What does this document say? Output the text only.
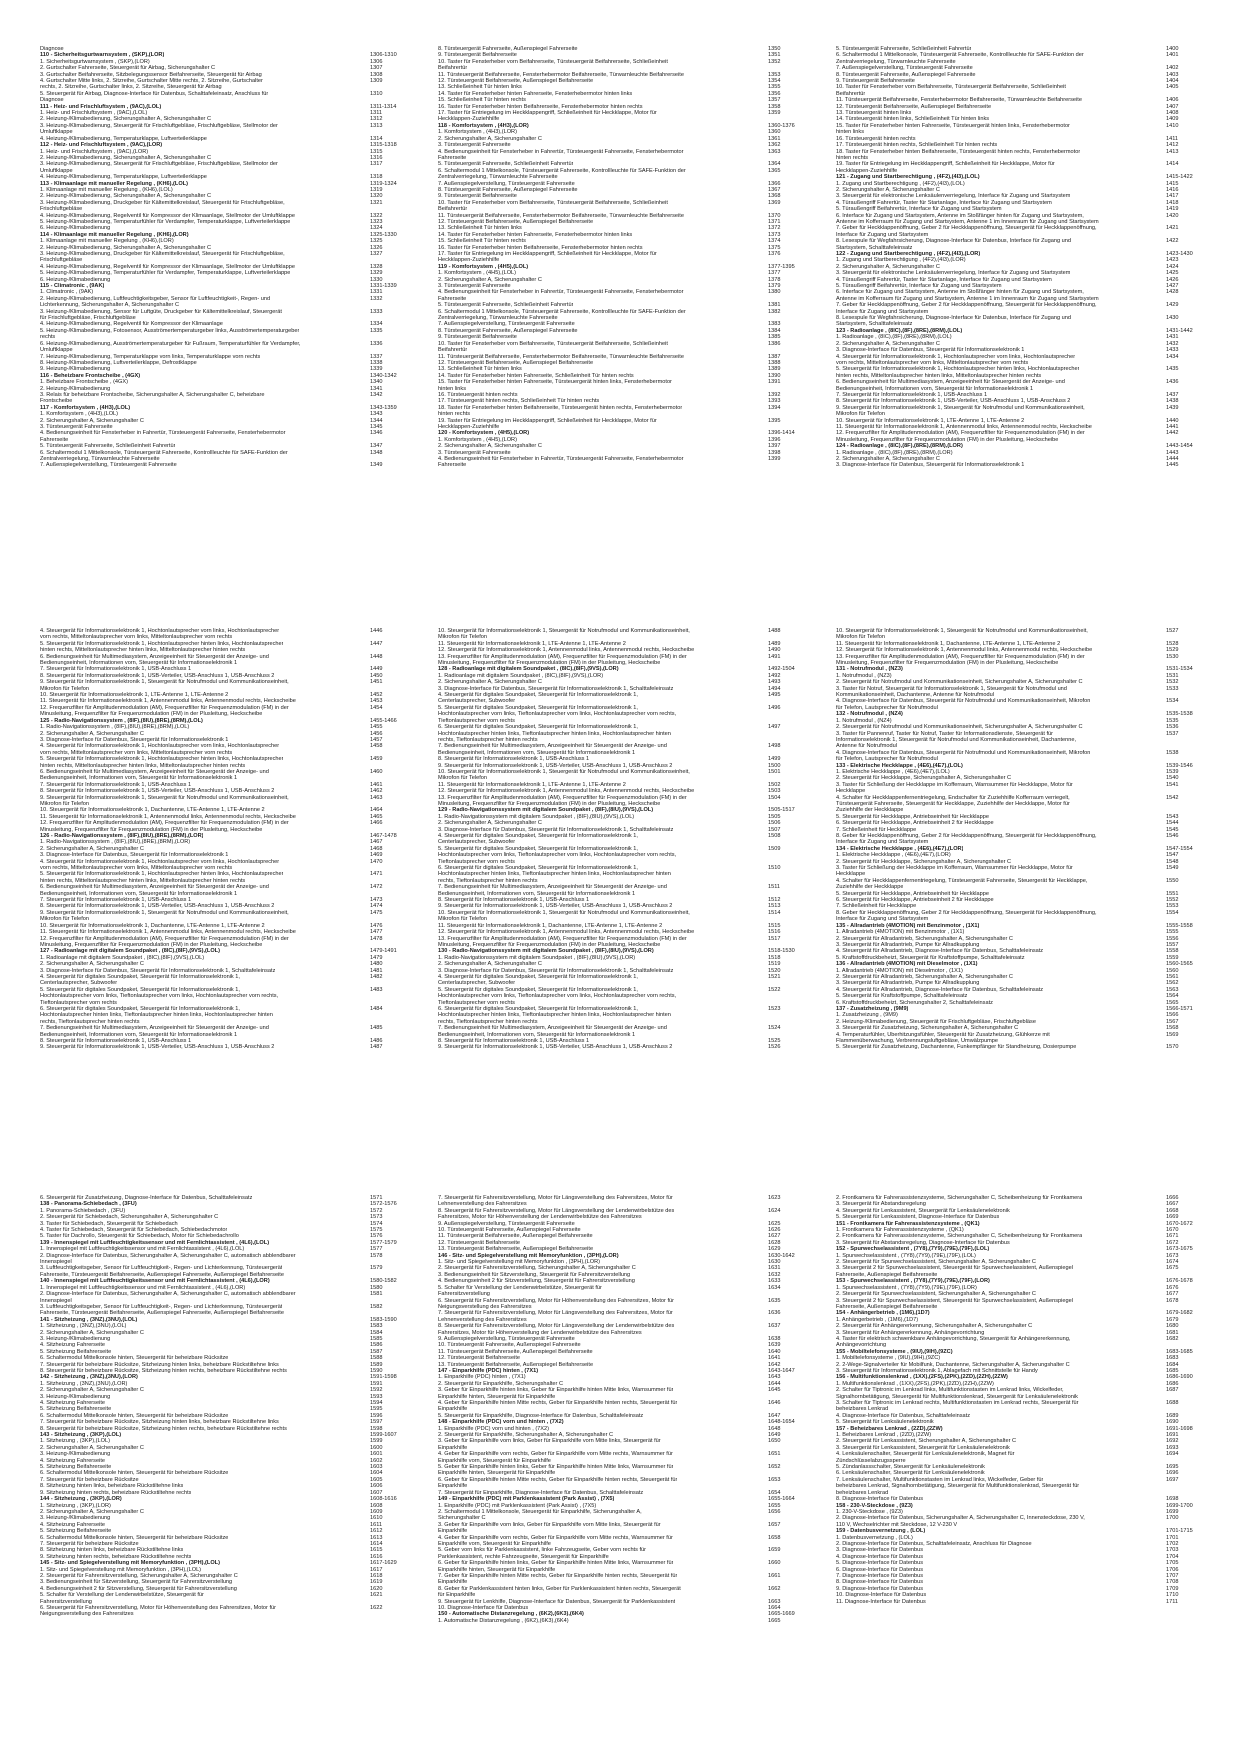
Diagnose
110 - Sicherheitsgurtwarnsystem , (SKP),(LOR)	1306-1310
1. Sicherheitsgurtwarnsystem , (SKP),(LOR)	1306
2. Gurtschalter Fahrerseite, Steuergerät für Airbag, Sicherungshalter C	1307
3. Gurtschalter Beifahrerseite, Sitzbelegungssensor Beifahrerseite, Steuergerät für Airbag	1308
4. Gurtschalter Mitte links, 2. Sitzreihe, Gurtschalter Mitte rechts, 2. Sitzreihe, Gurtschalter	1309
rechts, 2. Sitzreihe, Gurtschalter links, 2. Sitzreihe, Steuergerät für Airbag
5. Steuergerät für Airbag, Diagnose-Interface für Datenbus, Schalttafeleinsatz, Anschluss für	1310
Diagnose
111 - Heiz- und Frischluftsystem , (9AC),(LOL)	1311-1314
1. Heiz- und Frischluftsystem , (9AC),(LOL)	1311
2. Heizung-/Klimabedienung, Sicherungshalter A, Sicherungshalter C	1312
3. Heizung-/Klimabedienung, Steuergerät für Frischluftgebläse, Frischluftgebläse, Stellmotor der	1313
Umluftklappe
4. Heizung-/Klimabedienung, Temperaturklappe, Luftverteilerklappe	1314
112 - Heiz- und Frischluftsystem , (9AC),(LOR)	1315-1318
1. Heiz- und Frischluftsystem , (9AC),(LOR)	1315
2. Heizung-/Klimabedienung, Sicherungshalter A, Sicherungshalter C	1316
3. Heizung-/Klimabedienung, Steuergerät für Frischluftgebläse, Frischluftgebläse, Stellmotor der	1317
Umluftklappe
4. Heizung-/Klimabedienung, Temperaturklappe, Luftverteilerklappe	1318
113 - Klimaanlage mit manueller Regelung , (KH6),(LOL)	1319-1324
1. Klimaanlage mit manueller Regelung , (KH6),(LOL)	1319
2. Heizung-/Klimabedienung, Sicherungshalter A, Sicherungshalter C	1320
3. Heizung-/Klimabedienung, Druckgeber für Kältemittelkreislauf, Steuergerät für Frischluftgebläse,	1321
Frischluftgebläse
4. Heizung-/Klimabedienung, Regelventil für Kompressor der Klimaanlage, Stellmotor der Umluftklappe	1322
5. Heizung-/Klimabedienung, Temperaturfühler für Verdampfer, Temperaturklappe, Luftverteilerklappe	1323
6. Heizung-/Klimabedienung	1324
114 - Klimaanlage mit manueller Regelung , (KH6),(LOR)	1325-1330
1. Klimaanlage mit manueller Regelung , (KH6),(LOR)	1325
2. Heizung-/Klimabedienung, Sicherungshalter A, Sicherungshalter C	1326
3. Heizung-/Klimabedienung, Druckgeber für Kältemittelkreislauf, Steuergerät für Frischluftgebläse,	1327
Frischluftgebläse
4. Heizung-/Klimabedienung, Regelventil für Kompressor der Klimaanlage, Stellmotor der Umluftklappe	1328
5. Heizung-/Klimabedienung, Temperaturfühler für Verdampfer, Temperaturklappe, Luftverteilerklappe	1329
6. Heizung-/Klimabedienung	1330
115 - Climatronic , (9AK)	1331-1339
1. Climatronic , (9AK)	1331
2. Heizung-/Klimabedienung, Luftfeuchtigkeitsgeber, Sensor für Luftfeuchtigkeit-, Regen- und	1332
Lichterkennung, Sicherungshalter A, Sicherungshalter C
3. Heizung-/Klimabedienung, Sensor für Luftgüte, Druckgeber für Kältemittelkreislauf, Steuergerät	1333
für Frischluftgebläse, Frischluftgebläse
4. Heizung-/Klimabedienung, Regelventil für Kompressor der Klimaanlage	1334
5. Heizung-/Klimabedienung, Fotosensor, Ausströmertemperaturgeber links, Ausströmertemperaturgeber	1335
rechts
6. Heizung-/Klimabedienung, Ausströmertemperaturgeber für Fußraum, Temperaturfühler für Verdampfer,	1336
Umluftklappe
7. Heizung-/Klimabedienung, Temperaturklappe vorn links, Temperaturklappe vorn rechts	1337
8. Heizung-/Klimabedienung, Luftverteilerklappe, Defrostklappe	1338
9. Heizung-/Klimabedienung	1339
116 - Beheizbare Frontscheibe , (4GX)	1340-1342
1. Beheizbare Frontscheibe , (4GX)	1340
2. Heizung-/Klimabedienung	1341
3. Relais für beheizbare Frontscheibe, Sicherungshalter A, Sicherungshalter C, beheizbare	1342
Frontscheibe
117 - Komfortsystem , (4H3),(LOL)	1343-1359
1. Komfortsystem , (4H3),(LOL)	1343
2. Sicherungshalter A, Sicherungshalter C	1344
3. Türsteuergerät Fahrerseite	1345
4. Bedienungseinheit für Fensterheber in Fahrertür, Türsteuergerät Fahrerseite, Fensterhebermotor	1346
Fahrerseite
5. Türsteuergerät Fahrerseite, Schließeinheit Fahrertür	1347
6. Schaltermodul 1 Mittelkonsole, Türsteuergerät Fahrerseite, Kontrollleuchte für SAFE-Funktion der	1348
Zentralverriegelung, Türwarnleuchte Fahrerseite
7. Außenspiegelverstellung, Türsteuergerät Fahrerseite	1349
8. Türsteuergerät Fahrerseite, Außenspiegel Fahrerseite	1350
9. Türsteuergerät Beifahrerseite	1351
10. Taster für Fensterheber vorn Beifahrerseite, Türsteuergerät Beifahrerseite, Schließeinheit	1352
Beifahrertür
11. Türsteuergerät Beifahrerseite, Fensterhebermotor Beifahrerseite, Türwarnleuchte Beifahrerseite	1353
12. Türsteuergerät Beifahrerseite, Außenspiegel Beifahrerseite	1354
13. Schließeinheit Tür hinten links	1355
14. Taster für Fensterheber hinten Fahrerseite, Fensterhebermotor hinten links	1356
15. Schließeinheit Tür hinten rechts	1357
16. Taster für Fensterheber hinten Beifahrerseite, Fensterhebermotor hinten rechts	1358
17. Taster für Entriegelung im Heckklappengriff, Schließeinheit für Heckklappe, Motor für	1359
Heckklappen-Zuziehhilfe
118 - Komfortsystem , (4H3),(LOR)	1360-1376
1. Komfortsystem , (4H3),(LOR)	1360
2. Sicherungshalter A, Sicherungshalter C	1361
3. Türsteuergerät Fahrerseite	1362
4. Bedienungseinheit für Fensterheber in Fahrertür, Türsteuergerät Fahrerseite, Fensterhebermotor	1363
Fahrerseite
5. Türsteuergerät Fahrerseite, Schließeinheit Fahrertür	1364
6. Schaltermodul 1 Mittelkonsole, Türsteuergerät Fahrerseite, Kontrollleuchte für SAFE-Funktion der	1365
Zentralverriegelung, Türwarnleuchte Fahrerseite
7. Außenspiegelverstellung, Türsteuergerät Fahrerseite	1366
8. Türsteuergerät Fahrerseite, Außenspiegel Fahrerseite	1367
9. Türsteuergerät Beifahrerseite	1368
10. Taster für Fensterheber vorn Beifahrerseite, Türsteuergerät Beifahrerseite, Schließeinheit	1369
Beifahrertür
11. Türsteuergerät Beifahrerseite, Fensterhebermotor Beifahrerseite, Türwarnleuchte Beifahrerseite	1370
12. Türsteuergerät Beifahrerseite, Außenspiegel Beifahrerseite	1371
13. Schließeinheit Tür hinten links	1372
14. Taster für Fensterheber hinten Fahrerseite, Fensterhebermotor hinten links	1373
15. Schließeinheit Tür hinten rechts	1374
16. Taster für Fensterheber hinten Beifahrerseite, Fensterhebermotor hinten rechts	1375
17. Taster für Entriegelung im Heckklappengriff, Schließeinheit für Heckklappe, Motor für	1376
Heckklappen-Zuziehhilfe
119 - Komfortsystem , (4H5),(LOL)	1377-1395
1. Komfortsystem , (4H5),(LOL)	1377
2. Sicherungshalter A, Sicherungshalter C	1378
3. Türsteuergerät Fahrerseite	1379
4. Bedienungseinheit für Fensterheber in Fahrertür, Türsteuergerät Fahrerseite, Fensterhebermotor	1380
Fahrerseite
5. Türsteuergerät Fahrerseite, Schließeinheit Fahrertür	1381
6. Schaltermodul 1 Mittelkonsole, Türsteuergerät Fahrerseite, Kontrollleuchte für SAFE-Funktion der	1382
Zentralverriegelung, Türwarnleuchte Fahrerseite
7. Außenspiegelverstellung, Türsteuergerät Fahrerseite	1383
8. Türsteuergerät Fahrerseite, Außenspiegel Fahrerseite	1384
9. Türsteuergerät Beifahrerseite	1385
10. Taster für Fensterheber vorn Beifahrerseite, Türsteuergerät Beifahrerseite, Schließeinheit	1386
Beifahrertür
11. Türsteuergerät Beifahrerseite, Fensterhebermotor Beifahrerseite, Türwarnleuchte Beifahrerseite	1387
12. Türsteuergerät Beifahrerseite, Außenspiegel Beifahrerseite	1388
13. Schließeinheit Tür hinten links	1389
14. Taster für Fensterheber hinten Fahrerseite, Schließeinheit Tür hinten rechts	1390
15. Taster für Fensterheber hinten Fahrerseite, Türsteuergerät hinten links, Fensterhebermotor	1391
hinten links
16. Türsteuergerät hinten rechts	1392
17. Türsteuergerät hinten rechts, Schließeinheit Tür hinten rechts	1393
18. Taster für Fensterheber hinten Beifahrerseite, Türsteuergerät hinten rechts, Fensterhebermotor	1394
hinten rechts
19. Taster für Entriegelung im Heckklappengriff, Schließeinheit für Heckklappe, Motor für	1395
Heckklappen-Zuziehhilfe
120 - Komfortsystem , (4H5),(LOR)	1396-1414
1. Komfortsystem , (4H5),(LOR)	1396
2. Sicherungshalter A, Sicherungshalter C	1397
3. Türsteuergerät Fahrerseite	1398
4. Bedienungseinheit für Fensterheber in Fahrertür, Türsteuergerät Fahrerseite, Fensterhebermotor	1399
Fahrerseite
5. Türsteuergerät Fahrerseite, Schließeinheit Fahrertür	1400
6. Schaltermodul 1 Mittelkonsole, Türsteuergerät Fahrerseite, Kontrollleuchte für SAFE-Funktion der	1401
Zentralverriegelung, Türwarnleuchte Fahrerseite
7. Außenspiegelverstellung, Türsteuergerät Fahrerseite	1402
8. Türsteuergerät Fahrerseite, Außenspiegel Fahrerseite	1403
9. Türsteuergerät Beifahrerseite	1404
10. Taster für Fensterheber vorn Beifahrerseite, Türsteuergerät Beifahrerseite, Schließeinheit	1405
Beifahrertür
11. Türsteuergerät Beifahrerseite, Fensterhebermotor Beifahrerseite, Türwarnleuchte Beifahrerseite	1406
12. Türsteuergerät Beifahrerseite, Außenspiegel Beifahrerseite	1407
13. Türsteuergerät hinten links	1408
14. Türsteuergerät hinten links, Schließeinheit Tür hinten links	1409
15. Taster für Fensterheber hinten Fahrerseite, Türsteuergerät hinten links, Fensterhebermotor	1410
hinten links
16. Türsteuergerät hinten rechts	1411
17. Türsteuergerät hinten rechts, Schließeinheit Tür hinten rechts	1412
18. Taster für Fensterheber hinten Beifahrerseite, Türsteuergerät hinten rechts, Fensterhebermotor	1413
hinten rechts
19. Taster für Entriegelung im Heckklappengriff, Schließeinheit für Heckklappe, Motor für	1414
Heckklappen-Zuziehhilfe
121 - Zugang und Startberechtigung , (4F2),(4I3),(LOL)	1415-1422
1. Zugang und Startberechtigung , (4F2),(4I3),(LOL)	1415
2. Sicherungshalter A, Sicherungshalter C	1416
3. Steuergerät für elektronische Lenksäulenverriegelung, Interface für Zugang und Startsystem	1417
4. Türaußengriff Fahrertür, Taster für Startanlage, Interface für Zugang und Startsystem	1418
5. Türaußengriff Beifahrertür, Interface für Zugang und Startsystem	1419
6. Interface für Zugang und Startsystem, Antenne im Stoßfänger hinten für Zugang und Startsystem,	1420
Antenne im Kofferraum für Zugang und Startsystem, Antenne 1 im Innenraum für Zugang und Startsystem
7. Geber für Heckklappenöffnung, Geber 2 für Heckklappenöffnung, Steuergerät für Heckklappenöffnung,	1421
Interface für Zugang und Startsystem
8. Lesespule für Wegfahrsicherung, Diagnose-Interface für Datenbus, Interface für Zugang und	1422
Startsystem, Schalttafeleinsatz
122 - Zugang und Startberechtigung , (4F2),(4I3),(LOR)	1423-1430
1. Zugang und Startberechtigung , (4F2),(4I3),(LOR)	1423
2. Sicherungshalter A, Sicherungshalter C	1424
3. Steuergerät für elektronische Lenksäulenverriegelung, Interface für Zugang und Startsystem	1425
4. Türaußengriff Fahrertür, Taster für Startanlage, Interface für Zugang und Startsystem	1426
5. Türaußengriff Beifahrertür, Interface für Zugang und Startsystem	1427
6. Interface für Zugang und Startsystem, Antenne im Stoßfänger hinten für Zugang und Startsystem,	1428
Antenne im Kofferraum für Zugang und Startsystem, Antenne 1 im Innenraum für Zugang und Startsystem
7. Geber für Heckklappenöffnung, Geber 2 für Heckklappenöffnung, Steuergerät für Heckklappenöffnung,	1429
Interface für Zugang und Startsystem
8. Lesespule für Wegfahrsicherung, Diagnose-Interface für Datenbus, Interface für Zugang und	1430
Startsystem, Schalttafeleinsatz
123 - Radioanlage , (8IC),(8F),(8RE),(8RM),(LOL)	1431-1442
1. Radioanlage , (8IC),(8F),(8RE),(8RM),(LOL)	1431
2. Sicherungshalter A, Sicherungshalter C	1432
3. Diagnose-Interface für Datenbus, Steuergerät für Informationselektronik 1	1433
4. Steuergerät für Informationselektronik 1, Hochtonlautsprecher vorn links, Hochtonlautsprecher	1434
vorn rechts, Mitteltonlautsprecher vorn links, Mitteltonlautsprecher vorn rechts
5. Steuergerät für Informationselektronik 1, Hochtonlautsprecher hinten links, Hochtonlautsprecher	1435
hinten rechts, Mitteltonlautsprecher hinten links, Mitteltonlautsprecher hinten rechts
6. Bedienungseinheit für Multimediasystem, Anzeigeeinheit für Steuergerät der Anzeige- und	1436
Bedienungseinheit, Informationen vorn, Steuergerät für Informationselektronik 1
7. Steuergerät für Informationselektronik 1, USB-Anschluss 1	1437
8. Steuergerät für Informationselektronik 1, USB-Verteiler, USB-Anschluss 1, USB-Anschluss 2	1438
9. Steuergerät für Informationselektronik 1, Steuergerät für Notrufmodul und Kommunikationseinheit,	1439
Mikrofon für Telefon
10. Steuergerät für Informationselektronik 1, LTE-Antenne 1, LTE-Antenne 2	1440
11. Steuergerät für Informationselektronik 1, Antennenmodul links, Antennenmodul rechts, Heckscheibe	1441
12. Frequenzfilter für Amplitudenmodulation (AM), Frequenzfilter für Frequenzmodulation (FM) in der	1442
Minusleitung, Frequenzfilter für Frequenzmodulation (FM) in der Plusleitung, Heckscheibe
124 - Radioanlage , (8IC),(8F),(8RE),(8RM),(LOR)	1443-1454
1. Radioanlage , (8IC),(8F),(8RE),(8RM),(LOR)	1443
2. Sicherungshalter A, Sicherungshalter C	1444
3. Diagnose-Interface für Datenbus, Steuergerät für Informationselektronik 1	1445
4. Steuergerät für Informationselektronik 1, Hochtonlautsprecher vorn links, Hochtonlautsprecher	1446
vorn rechts, Mitteltonlautsprecher vorn links, Mitteltonlautsprecher vorn rechts
5. Steuergerät für Informationselektronik 1, Hochtonlautsprecher hinten links, Hochtonlautsprecher	1447
hinten rechts, Mitteltonlautsprecher hinten links, Mitteltonlautsprecher hinten rechts
6. Bedienungseinheit für Multimediasystem, Anzeigeeinheit für Steuergerät der Anzeige- und	1448
Bedienungseinheit, Informationen vorn, Steuergerät für Informationselektronik 1
7. Steuergerät für Informationselektronik 1, USB-Anschluss 1	1449
8. Steuergerät für Informationselektronik 1, USB-Verteiler, USB-Anschluss 1, USB-Anschluss 2	1450
9. Steuergerät für Informationselektronik 1, Steuergerät für Notrufmodul und Kommunikationseinheit,	1451
Mikrofon für Telefon
10. Steuergerät für Informationselektronik 1, LTE-Antenne 1, LTE-Antenne 2	1452
11. Steuergerät für Informationselektronik 1, Antennenmodul links, Antennenmodul rechts, Heckscheibe	1453
12. Frequenzfilter für Amplitudenmodulation (AM), Frequenzfilter für Frequenzmodulation (FM) in der	1454
Minusleitung, Frequenzfilter für Frequenzmodulation (FM) in der Plusleitung, Heckscheibe
125 - Radio-Navigationssystem , (8IF),(8IU),(8RE),(8RM),(LOL)	1455-1466
1. Radio-Navigationssystem , (8IF),(8IU),(8RE),(8RM),(LOL)	1455
2. Sicherungshalter A, Sicherungshalter C	1456
3. Diagnose-Interface für Datenbus, Steuergerät für Informationselektronik 1	1457
4. Steuergerät für Informationselektronik 1, Hochtonlautsprecher vorn links, Hochtonlautsprecher	1458
vorn rechts, Mitteltonlautsprecher vorn links, Mitteltonlautsprecher vorn rechts
5. Steuergerät für Informationselektronik 1, Hochtonlautsprecher hinten links, Hochtonlautsprecher	1459
hinten rechts, Mitteltonlautsprecher hinten links, Mitteltonlautsprecher hinten rechts
6. Bedienungseinheit für Multimediasystem, Anzeigeeinheit für Steuergerät der Anzeige- und	1460
Bedienungseinheit, Informationen vorn, Steuergerät für Informationselektronik 1
7. Steuergerät für Informationselektronik 1, USB-Anschluss 1	1461
8. Steuergerät für Informationselektronik 1, USB-Verteiler, USB-Anschluss 1, USB-Anschluss 2	1462
9. Steuergerät für Informationselektronik 1, Steuergerät für Notrufmodul und Kommunikationseinheit,	1463
Mikrofon für Telefon
10. Steuergerät für Informationselektronik 1, Dachantenne, LTE-Antenne 1, LTE-Antenne 2	1464
11. Steuergerät für Informationselektronik 1, Antennenmodul links, Antennenmodul rechts, Heckscheibe	1465
12. Frequenzfilter für Amplitudenmodulation (AM), Frequenzfilter für Frequenzmodulation (FM) in der	1466
Minusleitung, Frequenzfilter für Frequenzmodulation (FM) in der Plusleitung, Heckscheibe
126 - Radio-Navigationssystem , (8IF),(8IU),(8RE),(8RM),(LOR)	1467-1478
1. Radio-Navigationssystem , (8IF),(8IU),(8RE),(8RM),(LOR)	1467
2. Sicherungshalter A, Sicherungshalter C	1468
3. Diagnose-Interface für Datenbus, Steuergerät für Informationselektronik 1	1469
4. Steuergerät für Informationselektronik 1, Hochtonlautsprecher vorn links, Hochtonlautsprecher	1470
vorn rechts, Mitteltonlautsprecher vorn links, Mitteltonlautsprecher vorn rechts
5. Steuergerät für Informationselektronik 1, Hochtonlautsprecher hinten links, Hochtonlautsprecher	1471
hinten rechts, Mitteltonlautsprecher hinten links, Mitteltonlautsprecher hinten rechts
6. Bedienungseinheit für Multimediasystem, Anzeigeeinheit für Steuergerät der Anzeige- und	1472
Bedienungseinheit, Informationen vorn, Steuergerät für Informationselektronik 1
7. Steuergerät für Informationselektronik 1, USB-Anschluss 1	1473
8. Steuergerät für Informationselektronik 1, USB-Verteiler, USB-Anschluss 1, USB-Anschluss 2	1474
9. Steuergerät für Informationselektronik 1, Steuergerät für Notrufmodul und Kommunikationseinheit,	1475
Mikrofon für Telefon
10. Steuergerät für Informationselektronik 1, Dachantenne, LTE-Antenne 1, LTE-Antenne 2	1476
11. Steuergerät für Informationselektronik 1, Antennenmodul links, Antennenmodul rechts, Heckscheibe	1477
12. Frequenzfilter für Amplitudenmodulation (AM), Frequenzfilter für Frequenzmodulation (FM) in der	1478
Minusleitung, Frequenzfilter für Frequenzmodulation (FM) in der Plusleitung, Heckscheibe
127 - Radioanlage mit digitalem Soundpaket , (8IC),(8IF),(9VS),(LOL)	1479-1491
1. Radioanlage mit digitalem Soundpaket , (8IC),(8IF),(9VS),(LOL)	1479
2. Sicherungshalter A, Sicherungshalter C	1480
3. Diagnose-Interface für Datenbus, Steuergerät für Informationselektronik 1, Schalttafeleinsatz	1481
4. Steuergerät für digitales Soundpaket, Steuergerät für Informationselektronik 1,	1482
Centerlautsprecher, Subwoofer
5. Steuergerät für digitales Soundpaket, Steuergerät für Informationselektronik 1,	1483
Hochtonlautsprecher vorn links, Tieftonlautsprecher vorn links, Hochtonlautsprecher vorn rechts,
Tieftonlautsprecher vorn rechts
6. Steuergerät für digitales Soundpaket, Steuergerät für Informationselektronik 1,	1484
Hochtonlautsprecher hinten links, Tieftonlautsprecher hinten links, Hochtonlautsprecher hinten
rechts, Tieftonlautsprecher hinten rechts
7. Bedienungseinheit für Multimediasystem, Anzeigeeinheit für Steuergerät der Anzeige- und	1485
Bedienungseinheit, Informationen vorn, Steuergerät für Informationselektronik 1
8. Steuergerät für Informationselektronik 1, USB-Anschluss 1	1486
9. Steuergerät für Informationselektronik 1, USB-Verteiler, USB-Anschluss 1, USB-Anschluss 2	1487
10. Steuergerät für Informationselektronik 1, Steuergerät für Notrufmodul und Kommunikationseinheit,	1488
Mikrofon für Telefon
11. Steuergerät für Informationselektronik 1, LTE-Antenne 1, LTE-Antenne 2	1489
12. Steuergerät für Informationselektronik 1, Antennenmodul links, Antennenmodul rechts, Heckscheibe	1490
13. Frequenzfilter für Amplitudenmodulation (AM), Frequenzfilter für Frequenzmodulation (FM) in der	1491
Minusleitung, Frequenzfilter für Frequenzmodulation (FM) in der Plusleitung, Heckscheibe
128 - Radioanlage mit digitalem Soundpaket , (8IC),(8IF),(9VS),(LOR)	1492-1504
1. Radioanlage mit digitalem Soundpaket , (8IC),(8IF),(9VS),(LOR)	1492
2. Sicherungshalter A, Sicherungshalter C	1493
3. Diagnose-Interface für Datenbus, Steuergerät für Informationselektronik 1, Schalttafeleinsatz	1494
4. Steuergerät für digitales Soundpaket, Steuergerät für Informationselektronik 1,	1495
Centerlautsprecher, Subwoofer
5. Steuergerät für digitales Soundpaket, Steuergerät für Informationselektronik 1,	1496
Hochtonlautsprecher vorn links, Tieftonlautsprecher vorn links, Hochtonlautsprecher vorn rechts,
Tieftonlautsprecher vorn rechts
6. Steuergerät für digitales Soundpaket, Steuergerät für Informationselektronik 1,	1497
Hochtonlautsprecher hinten links, Tieftonlautsprecher hinten links, Hochtonlautsprecher hinten
rechts, Tieftonlautsprecher hinten rechts
7. Bedienungseinheit für Multimediasystem, Anzeigeeinheit für Steuergerät der Anzeige- und	1498
Bedienungseinheit, Informationen vorn, Steuergerät für Informationselektronik 1
8. Steuergerät für Informationselektronik 1, USB-Anschluss 1	1499
9. Steuergerät für Informationselektronik 1, USB-Verteiler, USB-Anschluss 1, USB-Anschluss 2	1500
10. Steuergerät für Informationselektronik 1, Steuergerät für Notrufmodul und Kommunikationseinheit,	1501
Mikrofon für Telefon
11. Steuergerät für Informationselektronik 1, LTE-Antenne 1, LTE-Antenne 2	1502
12. Steuergerät für Informationselektronik 1, Antennenmodul links, Antennenmodul rechts, Heckscheibe	1503
13. Frequenzfilter für Amplitudenmodulation (AM), Frequenzfilter für Frequenzmodulation (FM) in der	1504
Minusleitung, Frequenzfilter für Frequenzmodulation (FM) in der Plusleitung, Heckscheibe
129 - Radio-Navigationssystem mit digitalem Soundpaket , (8IF),(8IU),(9VS),(LOL)	1505-1517
1. Radio-Navigationssystem mit digitalem Soundpaket , (8IF),(8IU),(9VS),(LOL)	1505
2. Sicherungshalter A, Sicherungshalter C	1506
3. Diagnose-Interface für Datenbus, Steuergerät für Informationselektronik 1, Schalttafeleinsatz	1507
4. Steuergerät für digitales Soundpaket, Steuergerät für Informationselektronik 1,	1508
Centerlautsprecher, Subwoofer
5. Steuergerät für digitales Soundpaket, Steuergerät für Informationselektronik 1,	1509
Hochtonlautsprecher vorn links, Tieftonlautsprecher vorn links, Hochtonlautsprecher vorn rechts,
Tieftonlautsprecher vorn rechts
6. Steuergerät für digitales Soundpaket, Steuergerät für Informationselektronik 1,	1510
Hochtonlautsprecher hinten links, Tieftonlautsprecher hinten links, Hochtonlautsprecher hinten
rechts, Tieftonlautsprecher hinten rechts
7. Bedienungseinheit für Multimediasystem, Anzeigeeinheit für Steuergerät der Anzeige- und	1511
Bedienungseinheit, Informationen vorn, Steuergerät für Informationselektronik 1
8. Steuergerät für Informationselektronik 1, USB-Anschluss 1	1512
9. Steuergerät für Informationselektronik 1, USB-Verteiler, USB-Anschluss 1, USB-Anschluss 2	1513
10. Steuergerät für Informationselektronik 1, Steuergerät für Notrufmodul und Kommunikationseinheit,	1514
Mikrofon für Telefon
11. Steuergerät für Informationselektronik 1, Dachantenne, LTE-Antenne 1, LTE-Antenne 2	1515
12. Steuergerät für Informationselektronik 1, Antennenmodul links, Antennenmodul rechts, Heckscheibe	1516
13. Frequenzfilter für Amplitudenmodulation (AM), Frequenzfilter für Frequenzmodulation (FM) in der	1517
Minusleitung, Frequenzfilter für Frequenzmodulation (FM) in der Plusleitung, Heckscheibe
130 - Radio-Navigationssystem mit digitalem Soundpaket , (8IF),(8IU),(9VS),(LOR)	1518-1530
1. Radio-Navigationssystem mit digitalem Soundpaket , (8IF),(8IU),(9VS),(LOR)	1518
2. Sicherungshalter A, Sicherungshalter C	1519
3. Diagnose-Interface für Datenbus, Steuergerät für Informationselektronik 1, Schalttafeleinsatz	1520
4. Steuergerät für digitales Soundpaket, Steuergerät für Informationselektronik 1,	1521
Centerlautsprecher, Subwoofer
5. Steuergerät für digitales Soundpaket, Steuergerät für Informationselektronik 1,	1522
Hochtonlautsprecher vorn links, Tieftonlautsprecher vorn links, Hochtonlautsprecher vorn rechts,
Tieftonlautsprecher vorn rechts
6. Steuergerät für digitales Soundpaket, Steuergerät für Informationselektronik 1,	1523
Hochtonlautsprecher hinten links, Tieftonlautsprecher hinten links, Hochtonlautsprecher hinten
rechts, Tieftonlautsprecher hinten rechts
7. Bedienungseinheit für Multimediasystem, Anzeigeeinheit für Steuergerät der Anzeige- und	1524
Bedienungseinheit, Informationen vorn, Steuergerät für Informationselektronik 1
8. Steuergerät für Informationselektronik 1, USB-Anschluss 1	1525
9. Steuergerät für Informationselektronik 1, USB-Verteiler, USB-Anschluss 1, USB-Anschluss 2	1526
10. Steuergerät für Informationselektronik 1, Steuergerät für Notrufmodul und Kommunikationseinheit,	1527
Mikrofon für Telefon
11. Steuergerät für Informationselektronik 1, Dachantenne, LTE-Antenne 1, LTE-Antenne 2	1528
12. Steuergerät für Informationselektronik 1, Antennenmodul links, Antennenmodul rechts, Heckscheibe	1529
13. Frequenzfilter für Amplitudenmodulation (AM), Frequenzfilter für Frequenzmodulation (FM) in der	1530
Minusleitung, Frequenzfilter für Frequenzmodulation (FM) in der Plusleitung, Heckscheibe
131 - Notrufmodul , (NZ3)	1531-1534
1. Notrufmodul , (NZ3)	1531
2. Steuergerät für Notrufmodul und Kommunikationseinheit, Sicherungshalter A, Sicherungshalter C	1532
3. Taster für Notruf, Steuergerät für Informationselektronik 1, Steuergerät für Notrufmodul und	1533
Kommunikationseinheit, Dachantenne, Antenne für Notrufmodul
4. Diagnose-Interface für Datenbus, Steuergerät für Notrufmodul und Kommunikationseinheit, Mikrofon	1534
für Telefon, Lautsprecher für Notrufmodul
132 - Notrufmodul , (NZ4)	1535-1538
1. Notrufmodul , (NZ4)	1535
2. Steuergerät für Notrufmodul und Kommunikationseinheit, Sicherungshalter A, Sicherungshalter C	1536
3. Taster für Pannenruf, Taster für Notruf, Taster für Informationsdienste, Steuergerät für	1537
Informationselektronik 1, Steuergerät für Notrufmodul und Kommunikationseinheit, Dachantenne,
Antenne für Notrufmodul
4. Diagnose-Interface für Datenbus, Steuergerät für Notrufmodul und Kommunikationseinheit, Mikrofon	1538
für Telefon, Lautsprecher für Notrufmodul
133 - Elektrische Heckklappe , (4E6),(4E7),(LOL)	1539-1546
1. Elektrische Heckklappe , (4E6),(4E7),(LOL)	1539
2. Steuergerät für Heckklappe, Sicherungshalter A, Sicherungshalter C	1540
3. Taster für Schließung der Heckklappe im Kofferraum, Warnsummer für Heckklappe, Motor für	1541
Heckklappe
4. Schalter für Heckklappenfernentriegelung, Endschalter für Zuziehhilfe Kofferraum verriegelt,	1542
Türsteuergerät Fahrerseite, Steuergerät für Heckklappe, Zuziehhilfe der Heckklappe, Motor für
Zuziehhilfe der Heckklappe
5. Steuergerät für Heckklappe, Antriebseinheit für Heckklappe	1543
6. Steuergerät für Heckklappe, Antriebseinheit 2 für Heckklappe	1544
7. Schließeinheit für Heckklappe	1545
8. Geber für Heckklappenöffnung, Geber 2 für Heckklappenöffnung, Steuergerät für Heckklappenöffnung,	1546
Interface für Zugang und Startsystem
134 - Elektrische Heckklappe , (4E6),(4E7),(LOR)	1547-1554
1. Elektrische Heckklappe , (4E6),(4E7),(LOR)	1547
2. Steuergerät für Heckklappe, Sicherungshalter A, Sicherungshalter C	1548
3. Taster für Schließung der Heckklappe im Kofferraum, Warnsummer für Heckklappe, Motor für	1549
Heckklappe
4. Schalter für Heckklappenfernentriegelung, Türsteuergerät Fahrerseite, Steuergerät für Heckklappe,	1550
Zuziehhilfe der Heckklappe
5. Steuergerät für Heckklappe, Antriebseinheit für Heckklappe	1551
6. Steuergerät für Heckklappe, Antriebseinheit 2 für Heckklappe	1552
7. Schließeinheit für Heckklappe	1553
8. Geber für Heckklappenöffnung, Geber 2 für Heckklappenöffnung, Steuergerät für Heckklappenöffnung,	1554
Interface für Zugang und Startsystem
135 - Allradantrieb (4MOTION) mit Benzinmotor , (1X1)	1555-1558
1. Allradantrieb (4MOTION) mit Benzinmotor , (1X1)	1555
2. Steuergerät für Allradantrieb, Sicherungshalter A, Sicherungshalter C	1556
3. Steuergerät für Allradantrieb, Pumpe für Allradkupplung	1557
4. Steuergerät für Allradantrieb, Diagnose-Interface für Datenbus, Schalttafeleinsatz	1558
5. Kraftstoffdruckbeheizt, Steuergerät für Kraftstoffpumpe, Schalttafeleinsatz	1559
136 - Allradantrieb (4MOTION) mit Dieselmotor , (1X1)	1560-1565
1. Allradantrieb (4MOTION) mit Dieselmotor , (1X1)	1560
2. Steuergerät für Allradantrieb, Sicherungshalter A, Sicherungshalter C	1561
3. Steuergerät für Allradantrieb, Pumpe für Allradkupplung	1562
4. Steuergerät für Allradantrieb, Diagnose-Interface für Datenbus, Schalttafeleinsatz	1563
5. Steuergerät für Kraftstoffpumpe, Schalttafeleinsatz	1564
6. Kraftstoffdruckbeheizt, Sicherungshalter 2, Schalttafeleinsatz	1565
137 - Zusatzheizung , (9M9)	1566-1571
1. Zusatzheizung , (9M9)	1566
2. Heizung-/Klimabedienung, Steuergerät für Frischluftgebläse, Frischluftgebläse	1567
3. Steuergerät für Zusatzheizung, Sicherungshalter A, Sicherungshalter C	1568
4. Temperaturfühler, Überhitzungsfühler, Steuergerät für Zusatzheizung, Glühkerze mit	1569
Flammenüberwachung, Verbrennungsluftgebläse, Umwälzpumpe
5. Steuergerät für Zusatzheizung, Dachantenne, Funkempfänger für Standheizung, Dosierpumpe	1570
6. Steuergerät für Zusatzheizung, Diagnose-Interface für Datenbus, Schalttafeleinsatz	1571
138 - Panorama-Schiebedach , (3FU)	1572-1576
1. Panorama-Schiebedach , (3FU)	1572
2. Steuergerät für Schiebedach, Sicherungshalter A, Sicherungshalter C	1573
3. Taster für Schiebedach, Steuergerät für Schiebedach	1574
4. Taster für Schiebedach, Steuergerät für Schiebedach, Schiebedachmotor	1575
5. Taster für Dachrollo, Steuergerät für Schiebedach, Motor für Schiebedachrollo	1576
139 - Innenspiegel mit Luftfeuchtigkeitssensor und mit Fernlichtassistent , (4L6),(LOL)	1577-1579
1. Innenspiegel mit Luftfeuchtigkeitssensor und mit Fernlichtassistent , (4L6),(LOL)	1577
2. Diagnose-Interface für Datenbus, Sicherungshalter A, Sicherungshalter C, automatisch abblendbarer	1578
Innenspiegel
3. Luftfeuchtigkeitsgeber, Sensor für Luftfeuchtigkeit-, Regen- und Lichterkennung, Türsteuergerät	1579
Fahrerseite, Türsteuergerät Beifahrerseite, Außenspiegel Fahrerseite, Außenspiegel Beifahrerseite
140 - Innenspiegel mit Luftfeuchtigkeitssensor und mit Fernlichtassistent , (4L6),(LOR)	1580-1582
1. Innenspiegel mit Luftfeuchtigkeitssensor und mit Fernlichtassistent , (4L6),(LOR)	1580
2. Diagnose-Interface für Datenbus, Sicherungshalter A, Sicherungshalter C, automatisch abblendbarer	1581
Innenspiegel
3. Luftfeuchtigkeitsgeber, Sensor für Luftfeuchtigkeit-, Regen- und Lichterkennung, Türsteuergerät	1582
Fahrerseite, Türsteuergerät Beifahrerseite, Außenspiegel Fahrerseite, Außenspiegel Beifahrerseite
141 - Sitzheizung , (3NZ),(3NU),(LOL)	1583-1590
1. Sitzheizung , (3NZ),(3NU),(LOL)	1583
2. Sicherungshalter A, Sicherungshalter C	1584
3. Heizung-/Klimabedienung	1585
4. Sitzheizung Fahrerseite	1586
5. Sitzheizung Beifahrerseite	1587
6. Schaltermodul Mittelkonsole hinten, Steuergerät für beheizbare Rücksitze	1588
7. Steuergerät für beheizbare Rücksitze, Sitzheizung hinten links, beheizbare Rückstiltehne links	1589
8. Steuergerät für beheizbare Rücksitze, Sitzheizung hinten rechts, beheizbare Rückstiltehne rechts	1590
142 - Sitzheizung , (3NZ),(3NU),(LOR)	1591-1598
1. Sitzheizung , (3NZ),(3NU),(LOR)	1591
2. Sicherungshalter A, Sicherungshalter C	1592
3. Heizung-/Klimabedienung	1593
4. Sitzheizung Fahrerseite	1594
5. Sitzheizung Beifahrerseite	1595
6. Schaltermodul Mittelkonsole hinten, Steuergerät für beheizbare Rücksitze	1596
7. Steuergerät für beheizbare Rücksitze, Sitzheizung hinten links, beheizbare Rückstiltehne links	1597
8. Steuergerät für beheizbare Rücksitze, Sitzheizung hinten rechts, beheizbare Rückstiltehne rechts	1598
143 - Sitzheizung , (3KP),(LOL)	1599-1607
1. Sitzheizung , (3KP),(LOL)	1599
2. Sicherungshalter A, Sicherungshalter C	1600
3. Heizung-/Klimabedienung	1601
4. Sitzheizung Fahrerseite	1602
5. Sitzheizung Beifahrerseite	1603
6. Schaltermodul Mittelkonsole hinten, Steuergerät für beheizbare Rücksitze	1604
7. Steuergerät für beheizbare Rücksitze	1605
8. Sitzheizung hinten links, beheizbare Rückstiltehne links	1606
9. Sitzheizung hinten rechts, beheizbare Rückstiltehne rechts	1607
144 - Sitzheizung , (3KP),(LOR)	1608-1616
1. Sitzheizung , (3KP),(LOR)	1608
2. Sicherungshalter A, Sicherungshalter C	1609
3. Heizung-/Klimabedienung	1610
4. Sitzheizung Fahrerseite	1611
5. Sitzheizung Beifahrerseite	1612
6. Schaltermodul Mittelkonsole hinten, Steuergerät für beheizbare Rücksitze	1613
7. Steuergerät für beheizbare Rücksitze	1614
8. Sitzheizung hinten links, beheizbare Rückstiltehne links	1615
9. Sitzheizung hinten rechts, beheizbare Rückstiltehne rechts	1616
145 - Sitz- und Spiegelverstellung mit Memoryfunktion , (3PH),(LOL)	1617-1629
1. Sitz- und Spiegelverstellung mit Memoryfunktion , (3PH),(LOL)	1617
2. Steuergerät für Fahrersitzverstellung, Sicherungshalter A, Sicherungshalter C	1618
3. Bedienungseinheit für Sitzverstellung, Steuergerät für Fahrersitzverstellung	1619
4. Bedienungseinheit 2 für Sitzverstellung, Steuergerät für Fahrersitzverstellung	1620
5. Schalter für Verstellung der Lendenwirbelstütze, Steuergerät für	1621
Fahrersitzverstellung
6. Steuergerät für Fahrersitzverstellung, Motor für Höhenverstellung des Fahrersitzes, Motor für	1622
Neigungsverstellung des Fahrersitzes
7. Steuergerät für Fahrersitzverstellung, Motor für Längsverstellung des Fahrersitzes, Motor für	1623
Lehnenverstellung des Fahrersitzes
8. Steuergerät für Fahrersitzverstellung, Motor für Längsverstellung der Lendenwirbelstütze des	1624
Fahrersitzes, Motor für Höhenverstellung der Lendenwirbelstütze des Fahrersitzes
9. Außenspiegelverstellung, Türsteuergerät Fahrerseite	1625
10. Türsteuergerät Fahrerseite, Außenspiegel Fahrerseite	1626
11. Türsteuergerät Beifahrerseite, Außenspiegel Beifahrerseite	1627
12. Türsteuergerät Beifahrerseite	1628
13. Türsteuergerät Beifahrerseite, Außenspiegel Beifahrerseite	1629
146 - Sitz- und Spiegelverstellung mit Memoryfunktion , (3PH),(LOR)	1630-1642
1. Sitz- und Spiegelverstellung mit Memoryfunktion , (3PH),(LOR)	1630
2. Steuergerät für Fahrersitzverstellung, Sicherungshalter A, Sicherungshalter C	1631
3. Bedienungseinheit für Sitzverstellung, Steuergerät für Fahrersitzverstellung	1632
4. Bedienungseinheit 2 für Sitzverstellung, Steuergerät für Fahrersitzverstellung	1633
5. Schalter für Verstellung der Lendenwirbelstütze, Steuergerät für	1634
Fahrersitzverstellung
6. Steuergerät für Fahrersitzverstellung, Motor für Höhenverstellung des Fahrersitzes, Motor für	1635
Neigungsverstellung des Fahrersitzes
7. Steuergerät für Fahrersitzverstellung, Motor für Längsverstellung des Fahrersitzes, Motor für	1636
Lehnenverstellung des Fahrersitzes
8. Steuergerät für Fahrersitzverstellung, Motor für Längsverstellung der Lendenwirbelstütze des	1637
Fahrersitzes, Motor für Höhenverstellung der Lendenwirbelstütze des Fahrersitzes
9. Außenspiegelverstellung, Türsteuergerät Fahrerseite	1638
10. Türsteuergerät Fahrerseite, Außenspiegel Fahrerseite	1639
11. Türsteuergerät Beifahrerseite, Außenspiegel Beifahrerseite	1640
12. Türsteuergerät Beifahrerseite	1641
13. Türsteuergerät Beifahrerseite, Außenspiegel Beifahrerseite	1642
147 - Einparkhilfe (PDC) hinten , (7X1)	1643-1647
1. Einparkhilfe (PDC) hinten , (7X1)	1643
2. Steuergerät für Einparkhilfe, Sicherungshalter C	1644
3. Geber für Einparkhilfe hinten links, Geber für Einparkhilfe hinten Mitte links, Warnsummer für	1645
Einparkhilfe hinten, Steuergerät für Einparkhilfe
4. Geber für Einparkhilfe hinten Mitte rechts, Geber für Einparkhilfe hinten rechts, Steuergerät für	1646
Einparkhilfe
5. Steuergerät für Einparkhilfe, Diagnose-Interface für Datenbus, Schalttafeleinsatz	1647
148 - Einparkhilfe (PDC) vorn und hinten , (7X2)	1648-1654
1. Einparkhilfe (PDC) vorn und hinten , (7X2)	1648
2. Steuergerät für Einparkhilfe, Sicherungshalter A, Sicherungshalter C	1649
3. Geber für Einparkhilfe vorn links, Geber für Einparkhilfe vorn Mitte links, Steuergerät für	1650
Einparkhilfe
4. Geber für Einparkhilfe vorn rechts, Geber für Einparkhilfe vorn Mitte rechts, Warnsummer für	1651
Einparkhilfe vorn, Steuergerät für Einparkhilfe
5. Geber für Einparkhilfe hinten links, Geber für Einparkhilfe hinten Mitte links, Warnsummer für	1652
Einparkhilfe hinten, Steuergerät für Einparkhilfe
6. Geber für Einparkhilfe hinten Mitte rechts, Geber für Einparkhilfe hinten rechts, Steuergerät für	1653
Einparkhilfe
7. Steuergerät für Einparkhilfe, Diagnose-Interface für Datenbus, Schalttafeleinsatz	1654
149 - Einparkhilfe (PDC) mit Parklenkassistent (Park Assist) , (7X5)	1655-1664
1. Einparkhilfe (PDC) mit Parklenkassistent (Park Assist) , (7X5)	1655
2. Schaltermodul 1 Mittelkonsole, Steuergerät für Einparkhilfe, Sicherungshalter A,	1656
Sicherungshalter C
3. Geber für Einparkhilfe vorn links, Geber für Einparkhilfe vorn Mitte links, Steuergerät für	1657
Einparkhilfe
4. Geber für Einparkhilfe vorn rechts, Geber für Einparkhilfe vorn Mitte rechts, Warnsummer für	1658
Einparkhilfe vorn, Steuergerät für Einparkhilfe
5. Geber vorn links für Parklenkassistent, linke Fahrzeugseite, Geber vorn rechts für	1659
Parklenkassistent, rechte Fahrzeugseite, Steuergerät für Einparkhilfe
6. Geber für Einparkhilfe hinten links, Geber für Einparkhilfe hinten Mitte links, Warnsummer für	1660
Einparkhilfe hinten, Steuergerät für Einparkhilfe
7. Geber für Einparkhilfe hinten Mitte rechts, Geber für Einparkhilfe hinten rechts, Steuergerät für	1661
Einparkhilfe
8. Geber für Parklenkassistent hinten links, Geber für Parklenkassistent hinten rechts, Steuergerät	1662
für Einparkhilfe
9. Steuergerät für Lenkhilfe, Diagnose-Interface für Datenbus, Steuergerät für Parklenkassistent	1663
10. Diagnose-Interface für Datenbus	1664
150 - Automatische Distanzregelung , (6K2),(6K3),(6K4)	1665-1669
1. Automatische Distanzregelung , (6K2),(6K3),(6K4)	1665
2. Frontkamera für Fahrerassistenzsysteme, Sicherungshalter C, Scheibenheizung für Frontkamera	1666
3. Steuergerät für Abstandsregelung	1667
4. Steuergerät für Lenkassistent, Steuergerät für Lenksäulenelektronik	1668
5. Steuergerät für Lenkassistent, Diagnose-Interface für Datenbus	1669
151 - Frontkamera für Fahrerassistenzsysteme , (QK1)	1670-1672
1. Frontkamera für Fahrerassistenzsysteme , (QK1)	1670
2. Frontkamera für Fahrerassistenzsysteme, Sicherungshalter C, Scheibenheizung für Frontkamera	1671
3. Steuergerät für Abstandsregelung, Diagnose-Interface für Datenbus	1672
152 - Spurwechselassistent , (7Y8),(7Y9),(79E),(79F),(LOL)	1673-1675
1. Spurwechselassistent , (7Y8),(7Y9),(79E),(79F),(LOL)	1673
2. Steuergerät für Spurwechselassistent, Sicherungshalter A, Sicherungshalter C	1674
3. Steuergerät 2 für Spurwechselassistent, Steuergerät für Spurwechselassistent, Außenspiegel	1675
Fahrerseite, Außenspiegel Beifahrerseite
153 - Spurwechselassistent , (7Y8),(7Y9),(79E),(79F),(LOR)	1676-1678
1. Spurwechselassistent , (7Y8),(7Y9),(79E),(79F),(LOR)	1676
2. Steuergerät für Spurwechselassistent, Sicherungshalter A, Sicherungshalter C	1677
3. Steuergerät 2 für Spurwechselassistent, Steuergerät für Spurwechselassistent, Außenspiegel	1678
Fahrerseite, Außenspiegel Beifahrerseite
154 - Anhängerbetrieb , (1M6),(1D7)	1679-1682
1. Anhängerbetrieb , (1M6),(1D7)	1679
2. Steuergerät für Anhängererkennung, Sicherungshalter A, Sicherungshalter C	1680
3. Steuergerät für Anhängererkennung, Anhängevorrichtung	1681
4. Taster für elektrisch schwenkbare Anhängevorrichtung, Steuergerät für Anhängererkennung,	1682
Anhängevorrichtung
155 - Mobiltelefonsysteme , (9IU),(9IH),(9ZC)	1683-1685
1. Mobiltelefonsysteme , (9IU),(9IH),(9ZC)	1683
2. 2-Wege-Signalverteiler für Mobilfunk, Dachantenne, Sicherungshalter A, Sicherungshalter C	1684
3. Steuergerät für Informationselektronik 1, Ablagefach mit Schnittstelle für Handy	1685
156 - Multifunktionslenkrad , (1XX),(2FS),(2PK),(2ZD),(2ZH),(2ZW)	1686-1690
1. Multifunktionslenkrad , (1XX),(2FS),(2PK),(2ZD),(2ZH),(2ZW)	1686
2. Schalter für Tiptronic im Lenkrad links, Multifunktionstasten im Lenkrad links, Wickelfeder,	1687
Signalhornbetätigung, Steuergerät für Multifunktionslenkrad, Steuergerät für Lenksäulenelektronik
3. Schalter für Tiptronic im Lenkrad rechts, Multifunktionstasten im Lenkrad rechts, Steuergerät für	1688
beheizbares Lenkrad
4. Diagnose-Interface für Datenbus, Schalttafeleinsatz	1689
5. Steuergerät für Lenksäulenelektronik	1690
157 - Beheizbares Lenkrad , (2ZD),(2ZW)	1691-1698
1. Beheizbares Lenkrad , (2ZD),(2ZW)	1691
2. Steuergerät für Lenkassistent, Sicherungshalter A, Sicherungshalter C	1692
3. Steuergerät für Lenkassistent, Steuergerät für Lenksäulenelektronik	1693
4. Lenksäulenschalter, Steuergerät für Lenksäulenelektronik, Magnet für	1694
Zündschlüsselabzugssperre
5. Zündanlassschalter, Steuergerät für Lenksäulenelektronik	1695
6. Lenksäulenschalter, Steuergerät für Lenksäulenelektronik	1696
7. Lenksäulenschalter, Multifunktionstasten im Lenkrad links, Wickelfeder, Geber für	1697
beheizbares Lenkrad, Signalhornbetätigung, Steuergerät für Multifunktionslenkrad, Steuergerät für
beheizbares Lenkrad
8. Diagnose-Interface für Datenbus	1698
158 - 230-V-Steckdose , (9Z3)	1699-1700
1. 230-V-Steckdose , (9Z3)	1699
2. Diagnose-Interface für Datenbus, Sicherungshalter A, Sicherungshalter C, Innensteckdose, 230 V,	1700
110 V, Wechselrichter mit Steckdose, 12 V-230 V
159 - Datenbusvernetzung , (LOL)	1701-1715
1. Datenbusvernetzung , (LOL)	1701
2. Diagnose-Interface für Datenbus, Schalttafeleinsatz, Anschluss für Diagnose	1702
3. Diagnose-Interface für Datenbus	1703
4. Diagnose-Interface für Datenbus	1704
5. Diagnose-Interface für Datenbus	1705
6. Diagnose-Interface für Datenbus	1706
7. Diagnose-Interface für Datenbus	1707
8. Diagnose-Interface für Datenbus	1708
9. Diagnose-Interface für Datenbus	1709
10. Diagnose-Interface für Datenbus	1710
11. Diagnose-Interface für Datenbus	1711
